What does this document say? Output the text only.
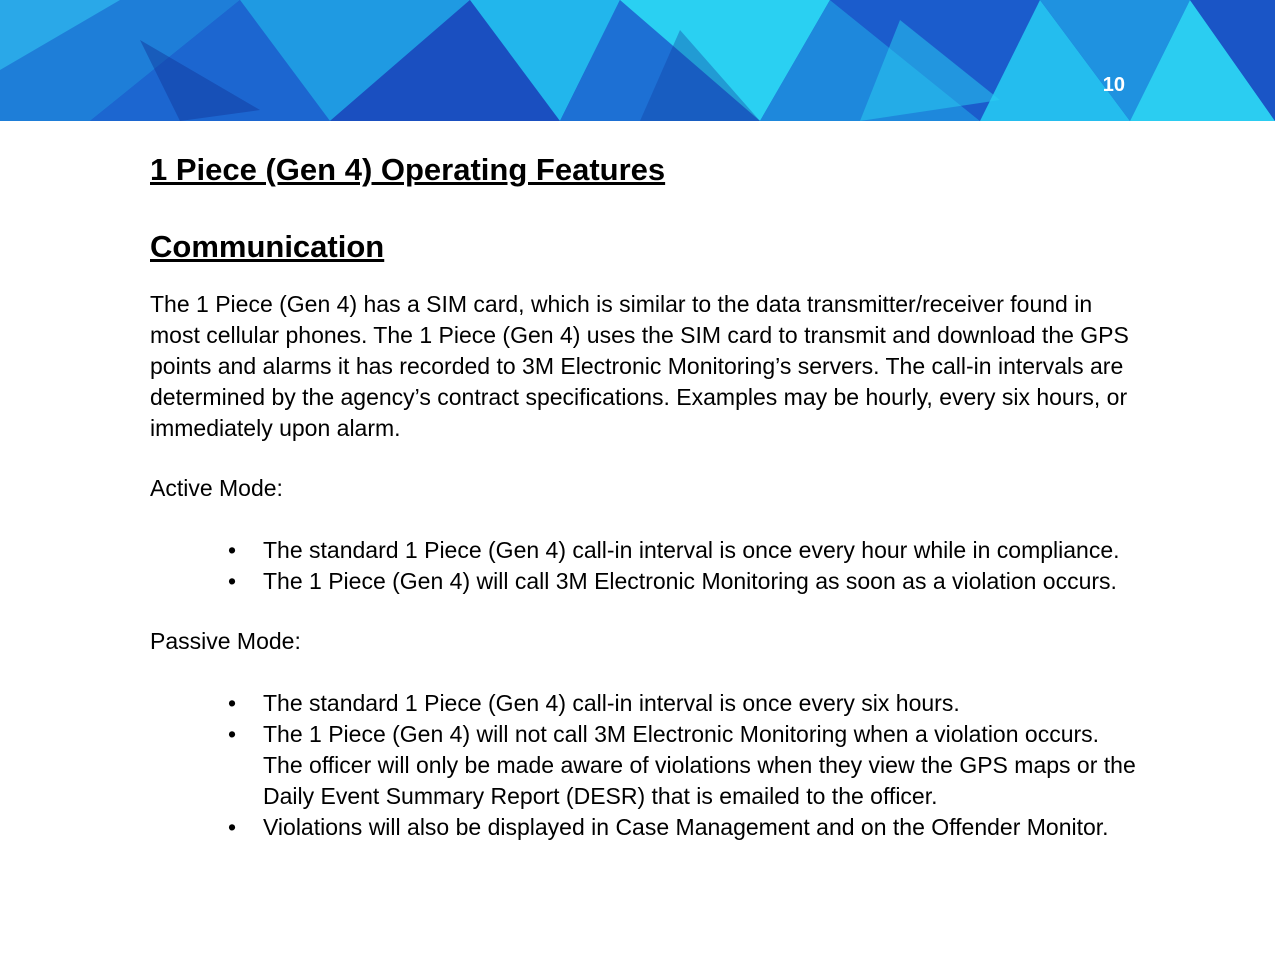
10
1 Piece (Gen 4) Operating Features
Communication

The 1 Piece (Gen 4) has a SIM card, which is similar to the data transmitter/receiver found in most cellular phones. The 1 Piece (Gen 4) uses the SIM card to transmit and download the GPS points and alarms it has recorded to 3M Electronic Monitoring’s servers. The call-in intervals are determined by the agency’s contract specifications. Examples may be hourly, every six hours, or immediately upon alarm.

Active Mode:

• The standard 1 Piece (Gen 4) call-in interval is once every hour while in compliance.
• The 1 Piece (Gen 4) will call 3M Electronic Monitoring as soon as a violation occurs.

Passive Mode:

• The standard 1 Piece (Gen 4) call-in interval is once every six hours.
• The 1 Piece (Gen 4) will not call 3M Electronic Monitoring when a violation occurs. The officer will only be made aware of violations when they view the GPS maps or the Daily Event Summary Report (DESR) that is emailed to the officer.
• Violations will also be displayed in Case Management and on the Offender Monitor.
